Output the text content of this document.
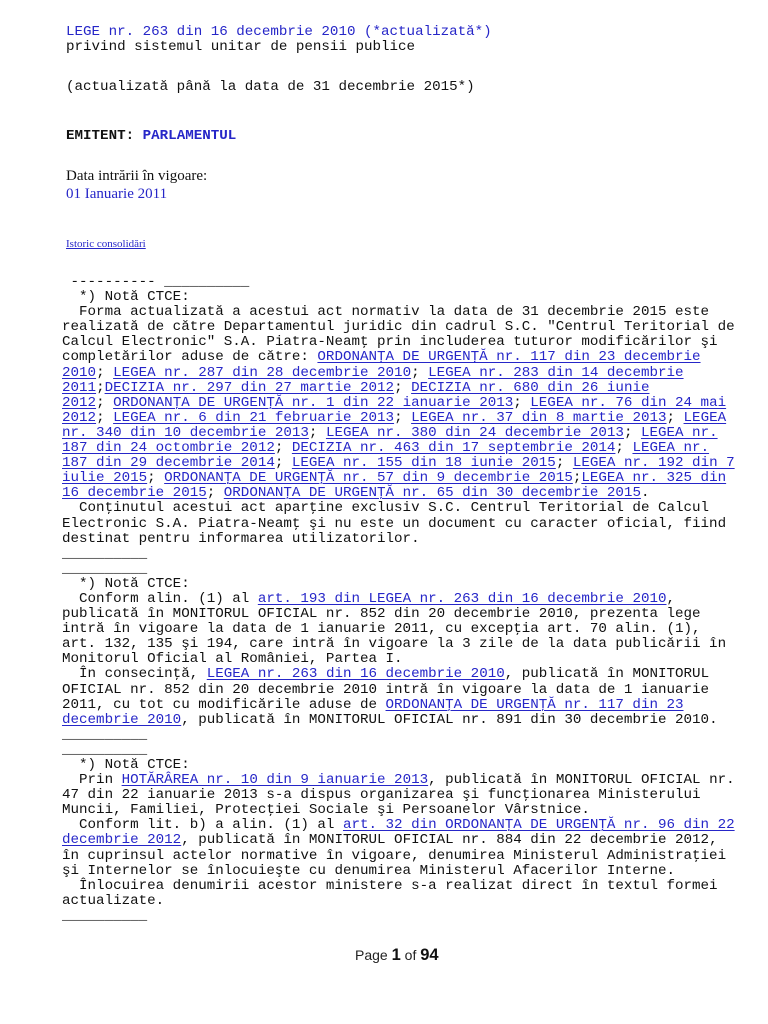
LEGE nr. 263 din 16 decembrie 2010 (*actualizată*)
privind sistemul unitar de pensii publice
(actualizată până la data de 31 decembrie 2015*)
EMITENT: PARLAMENTUL
Data intrării în vigoare:
01 Ianuarie 2011
Istoric consolidări
---------- __________
*) Notă CTCE:
Forma actualizată a acestui act normativ la data de 31 decembrie 2015 este
realizată de către Departamentul juridic din cadrul S.C. "Centrul Teritorial de
Calcul Electronic" S.A. Piatra-Neamţ prin includerea tuturor modificărilor şi
completărilor aduse de către: ORDONANŢA DE URGENŢĂ nr. 117 din 23 decembrie
2010; LEGEA nr. 287 din 28 decembrie 2010; LEGEA nr. 283 din 14 decembrie
2011;DECIZIA nr. 297 din 27 martie 2012; DECIZIA nr. 680 din 26 iunie
2012; ORDONANŢA DE URGENŢĂ nr. 1 din 22 ianuarie 2013; LEGEA nr. 76 din 24 mai
2012; LEGEA nr. 6 din 21 februarie 2013; LEGEA nr. 37 din 8 martie 2013; LEGEA
nr. 340 din 10 decembrie 2013; LEGEA nr. 380 din 24 decembrie 2013; LEGEA nr.
187 din 24 octombrie 2012; DECIZIA nr. 463 din 17 septembrie 2014; LEGEA nr.
187 din 29 decembrie 2014; LEGEA nr. 155 din 18 iunie 2015; LEGEA nr. 192 din 7
iulie 2015; ORDONANŢA DE URGENŢĂ nr. 57 din 9 decembrie 2015;LEGEA nr. 325 din
16 decembrie 2015; ORDONANŢA DE URGENŢĂ nr. 65 din 30 decembrie 2015.
Conţinutul acestui act aparţine exclusiv S.C. Centrul Teritorial de Calcul
Electronic S.A. Piatra-Neamţ şi nu este un document cu caracter oficial, fiind
destinat pentru informarea utilizatorilor.
__________
__________
*) Notă CTCE:
Conform alin. (1) al art. 193 din LEGEA nr. 263 din 16 decembrie 2010,
publicată în MONITORUL OFICIAL nr. 852 din 20 decembrie 2010, prezenta lege
intră în vigoare la data de 1 ianuarie 2011, cu excepţia art. 70 alin. (1),
art. 132, 135 şi 194, care intră în vigoare la 3 zile de la data publicării în
Monitorul Oficial al României, Partea I.
În consecinţă, LEGEA nr. 263 din 16 decembrie 2010, publicată în MONITORUL
OFICIAL nr. 852 din 20 decembrie 2010 intră în vigoare la data de 1 ianuarie
2011, cu tot cu modificările aduse de ORDONANŢA DE URGENŢĂ nr. 117 din 23
decembrie 2010, publicată în MONITORUL OFICIAL nr. 891 din 30 decembrie 2010.
__________
__________
*) Notă CTCE:
Prin HOTĂRÂREA nr. 10 din 9 ianuarie 2013, publicată în MONITORUL OFICIAL nr.
47 din 22 ianuarie 2013 s-a dispus organizarea şi funcţionarea Ministerului
Muncii, Familiei, Protecţiei Sociale şi Persoanelor Vârstnice.
Conform lit. b) a alin. (1) al art. 32 din ORDONANŢA DE URGENŢĂ nr. 96 din 22
decembrie 2012, publicată în MONITORUL OFICIAL nr. 884 din 22 decembrie 2012,
în cuprinsul actelor normative în vigoare, denumirea Ministerul Administraţiei
şi Internelor se înlocuieşte cu denumirea Ministerul Afacerilor Interne.
Înlocuirea denumirii acestor ministere s-a realizat direct în textul formei
actualizate.
__________
Page 1 of 94
